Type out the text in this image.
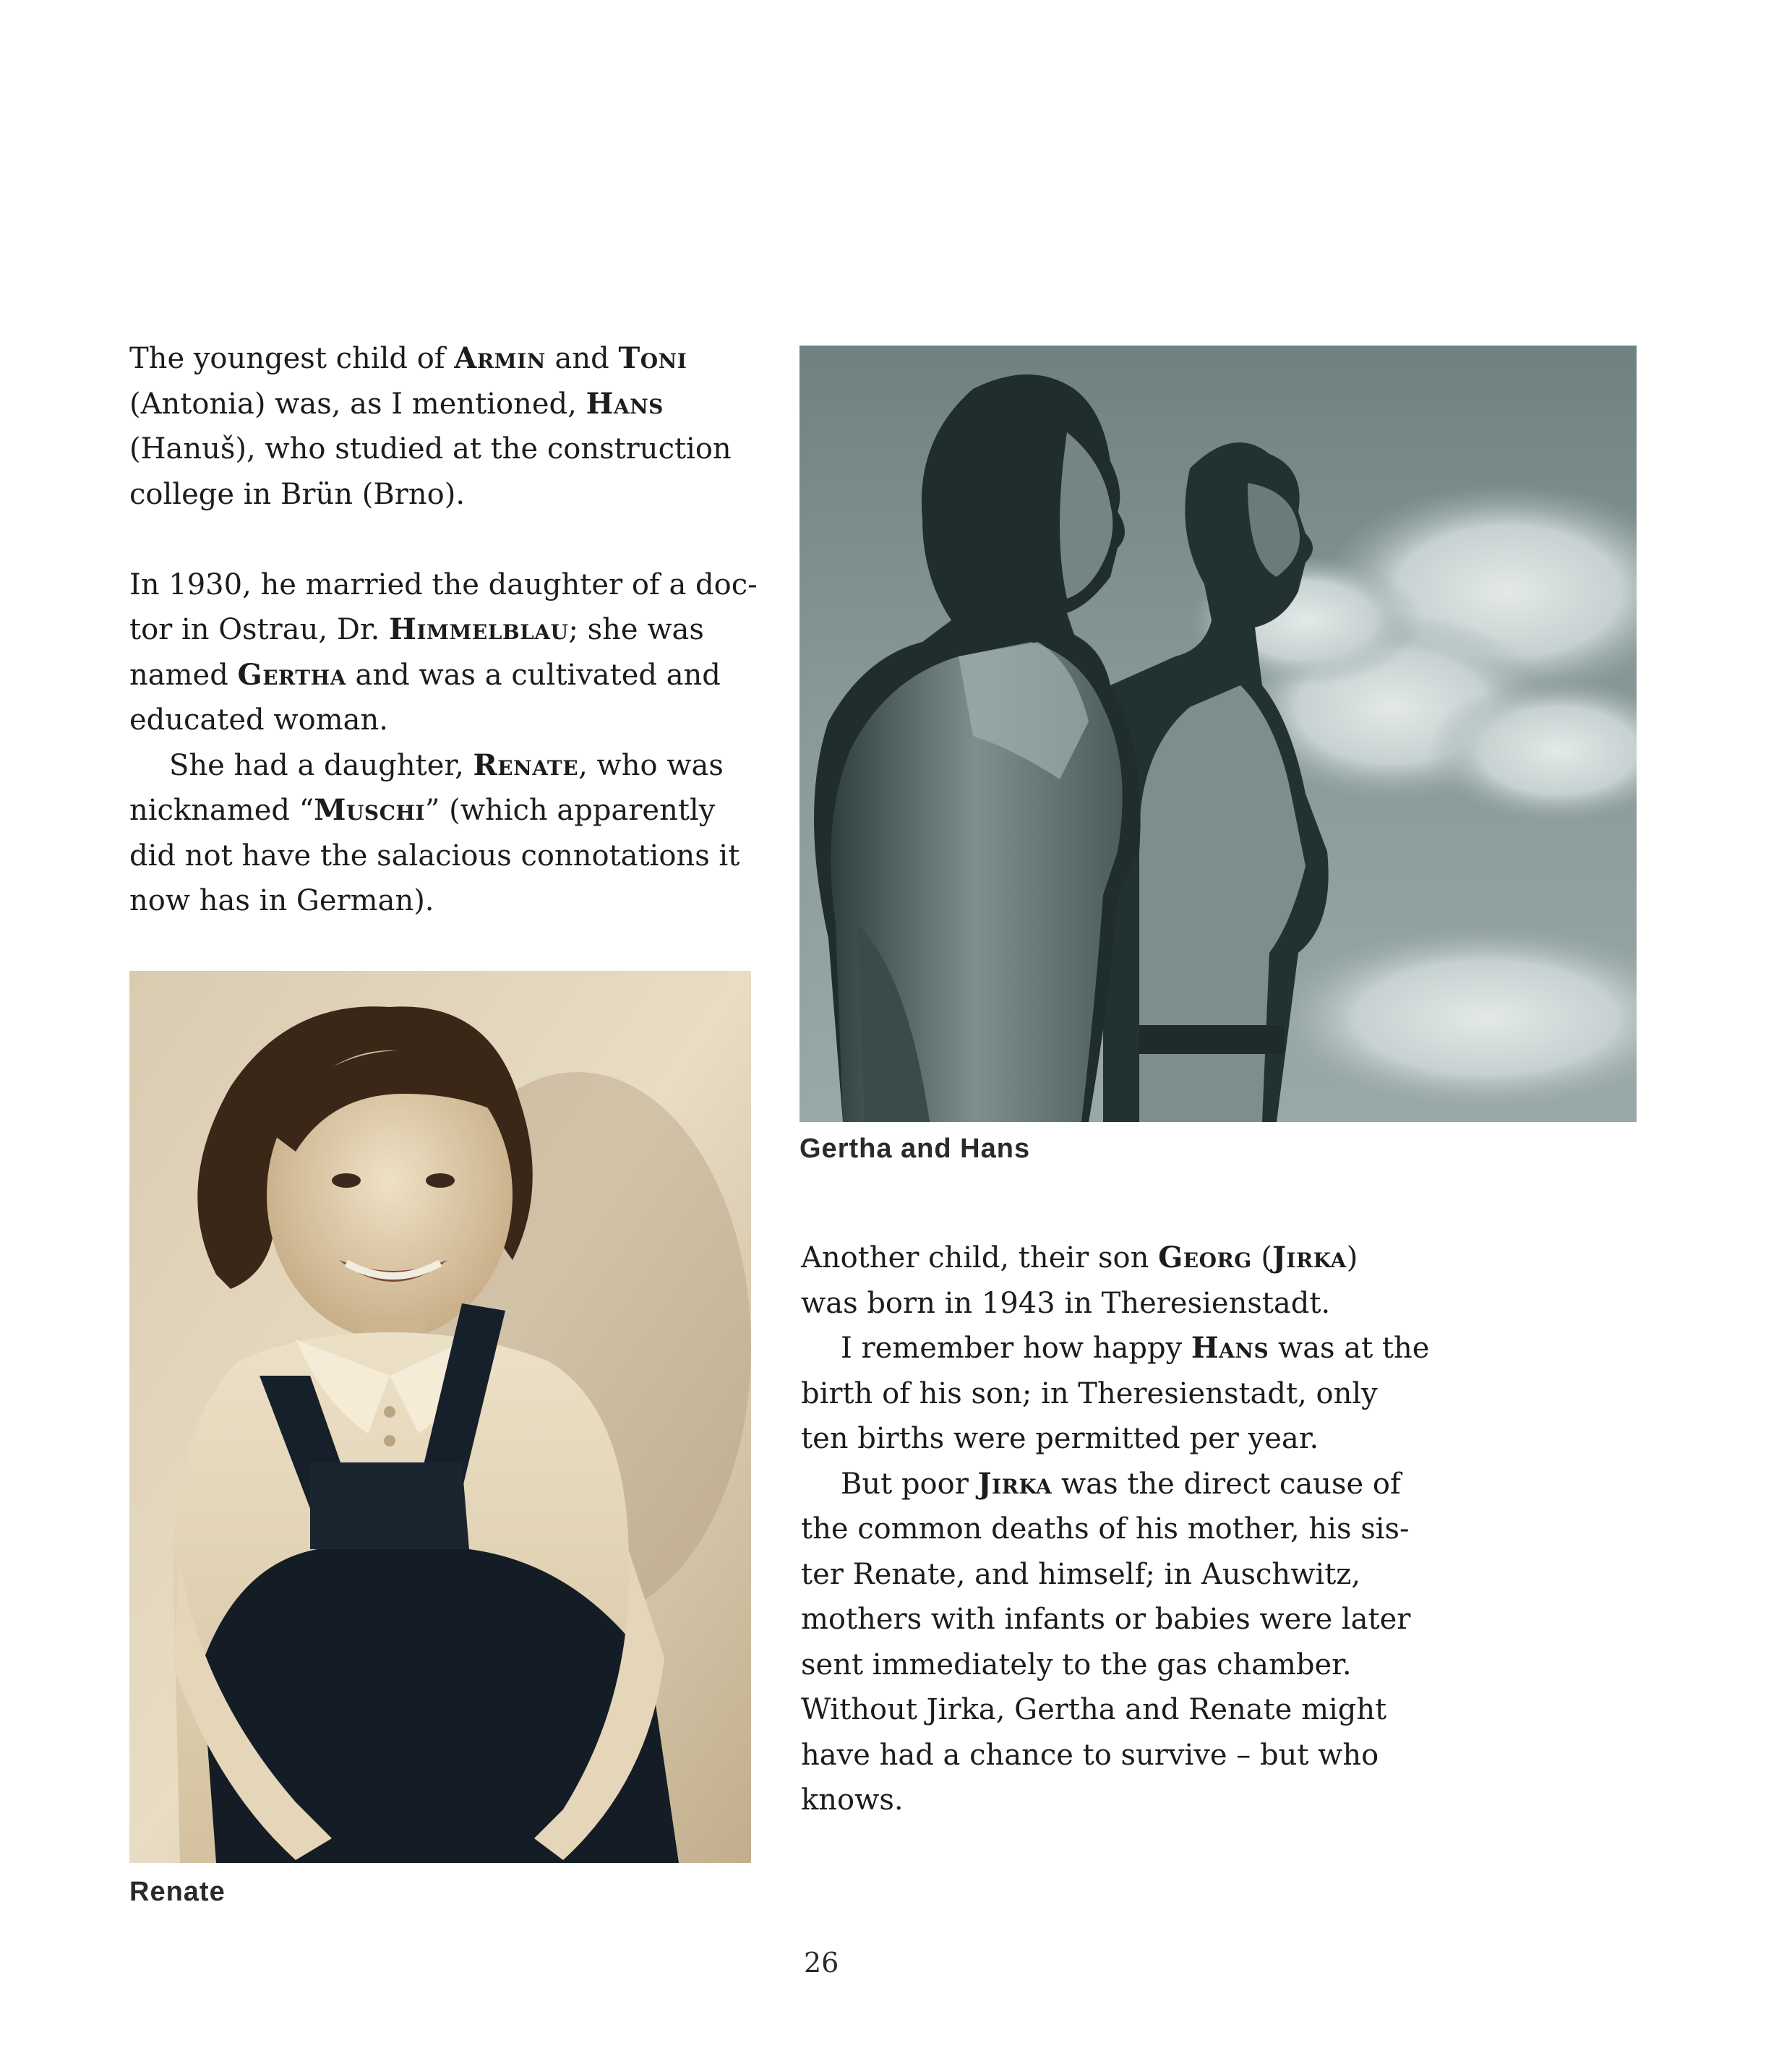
The youngest child of Armin and Toni

(Antonia) was, as I mentioned, Hans

(Hanuš), who studied at the construction

college in Brün (Brno).

In 1930, he married the daughter of a doc-

tor in Ostrau, Dr. Himmelblau; she was

named Gertha and was a cultivated and

educated woman.

She had a daughter, Renate, who was

nicknamed “Muschi” (which apparently

did not have the salacious connotations it

now has in German).

Gertha and Hans
Renate

Another child, their son Georg (Jirka)

was born in 1943 in Theresienstadt.

I remember how happy Hans was at the

birth of his son; in Theresienstadt, only

ten births were permitted per year.

But poor Jirka was the direct cause of

the common deaths of his mother, his sis-

ter Renate, and himself; in Auschwitz,

mothers with infants or babies were later

sent immediately to the gas chamber.

Without Jirka, Gertha and Renate might

have had a chance to survive – but who

knows.

26
